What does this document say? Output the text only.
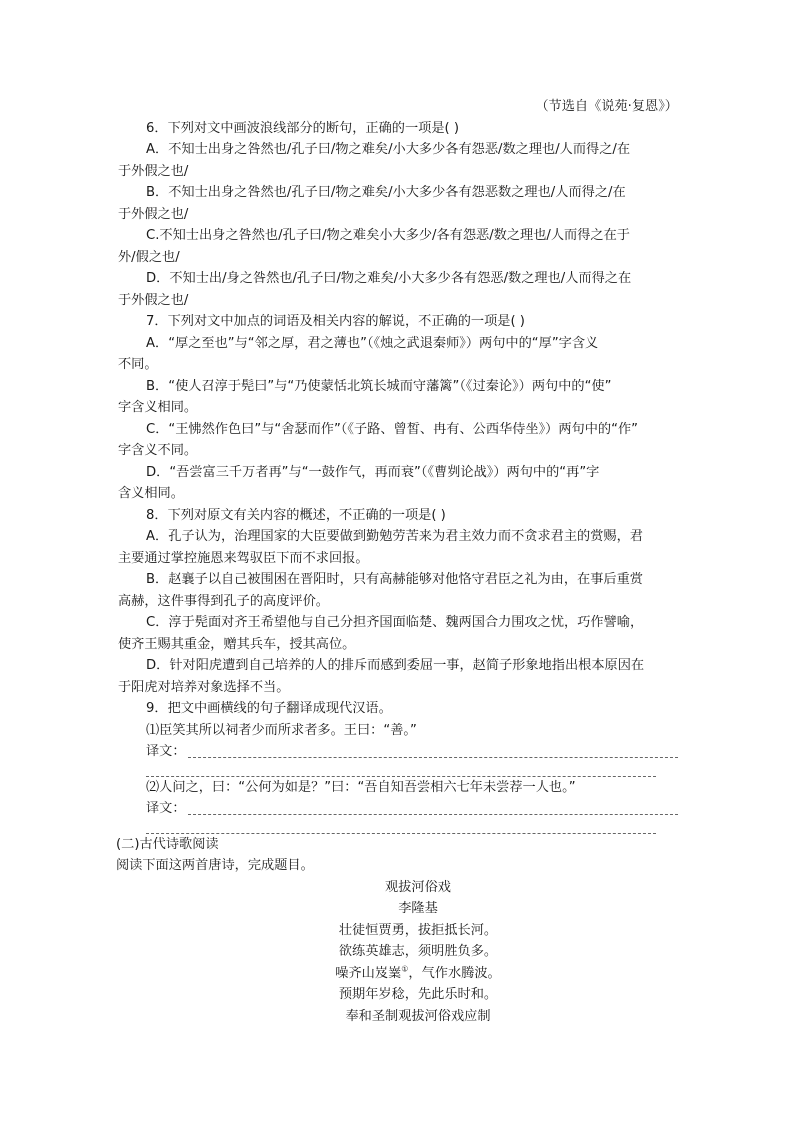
（节选自《说苑·复恩》）
6．下列对文中画波浪线部分的断句，正确的一项是( )
A．不知士出身之咎然也/孔子曰/物之难矣/小大多少各有怨恶/数之理也/人而得之/在
于外假之也/
B．不知士出身之咎然也/孔子曰/物之难矣/小大多少各有怨恶数之理也/人而得之/在
于外假之也/
C.不知士出身之咎然也/孔子曰/物之难矣小大多少/各有怨恶/数之理也/人而得之在于
外/假之也/
D．不知士出/身之咎然也/孔子曰/物之难矣/小大多少各有怨恶/数之理也/人而得之在
于外假之也/
7．下列对文中加点的词语及相关内容的解说，不正确的一项是( )
A．“厚之至也”与“邻之厚，君之薄也”（《烛之武退秦师》）两句中的“厚”字含义
不同。
B．“使人召淳于髡曰”与“乃使蒙恬北筑长城而守藩篱”（《过秦论》）两句中的“使”
字含义相同。
C．“王怫然作色曰”与“舍瑟而作”（《子路、曾皙、冉有、公西华侍坐》）两句中的“作”
字含义不同。
D．“吾尝富三千万者再”与“一鼓作气，再而衰”（《曹刿论战》）两句中的“再”字
含义相同。
8．下列对原文有关内容的概述，不正确的一项是( )
A．孔子认为，治理国家的大臣要做到勤勉劳苦来为君主效力而不贪求君主的赏赐，君
主要通过掌控施恩来驾驭臣下而不求回报。
B．赵襄子以自己被围困在晋阳时，只有高赫能够对他恪守君臣之礼为由，在事后重赏
高赫，这件事得到孔子的高度评价。
C．淳于髡面对齐王希望他与自己分担齐国面临楚、魏两国合力围攻之忧，巧作譬喻，
使齐王赐其重金，赠其兵车，授其高位。
D．针对阳虎遭到自己培养的人的排斥而感到委屈一事，赵简子形象地指出根本原因在
于阳虎对培养对象选择不当。
9．把文中画横线的句子翻译成现代汉语。
⑴臣笑其所以祠者少而所求者多。王曰：“善。”
译文：
⑵人问之，曰：“公何为如是？”曰：“吾自知吾尝相六七年未尝荐一人也。”
译文：
(二)古代诗歌阅读
阅读下面这两首唐诗，完成题目。
观拔河俗戏
李隆基
壮徒恒贾勇，拔拒抵长河。
欲练英雄志，须明胜负多。
噪齐山岌嶪①，气作水腾波。
预期年岁稔，先此乐时和。
奉和圣制观拔河俗戏应制
